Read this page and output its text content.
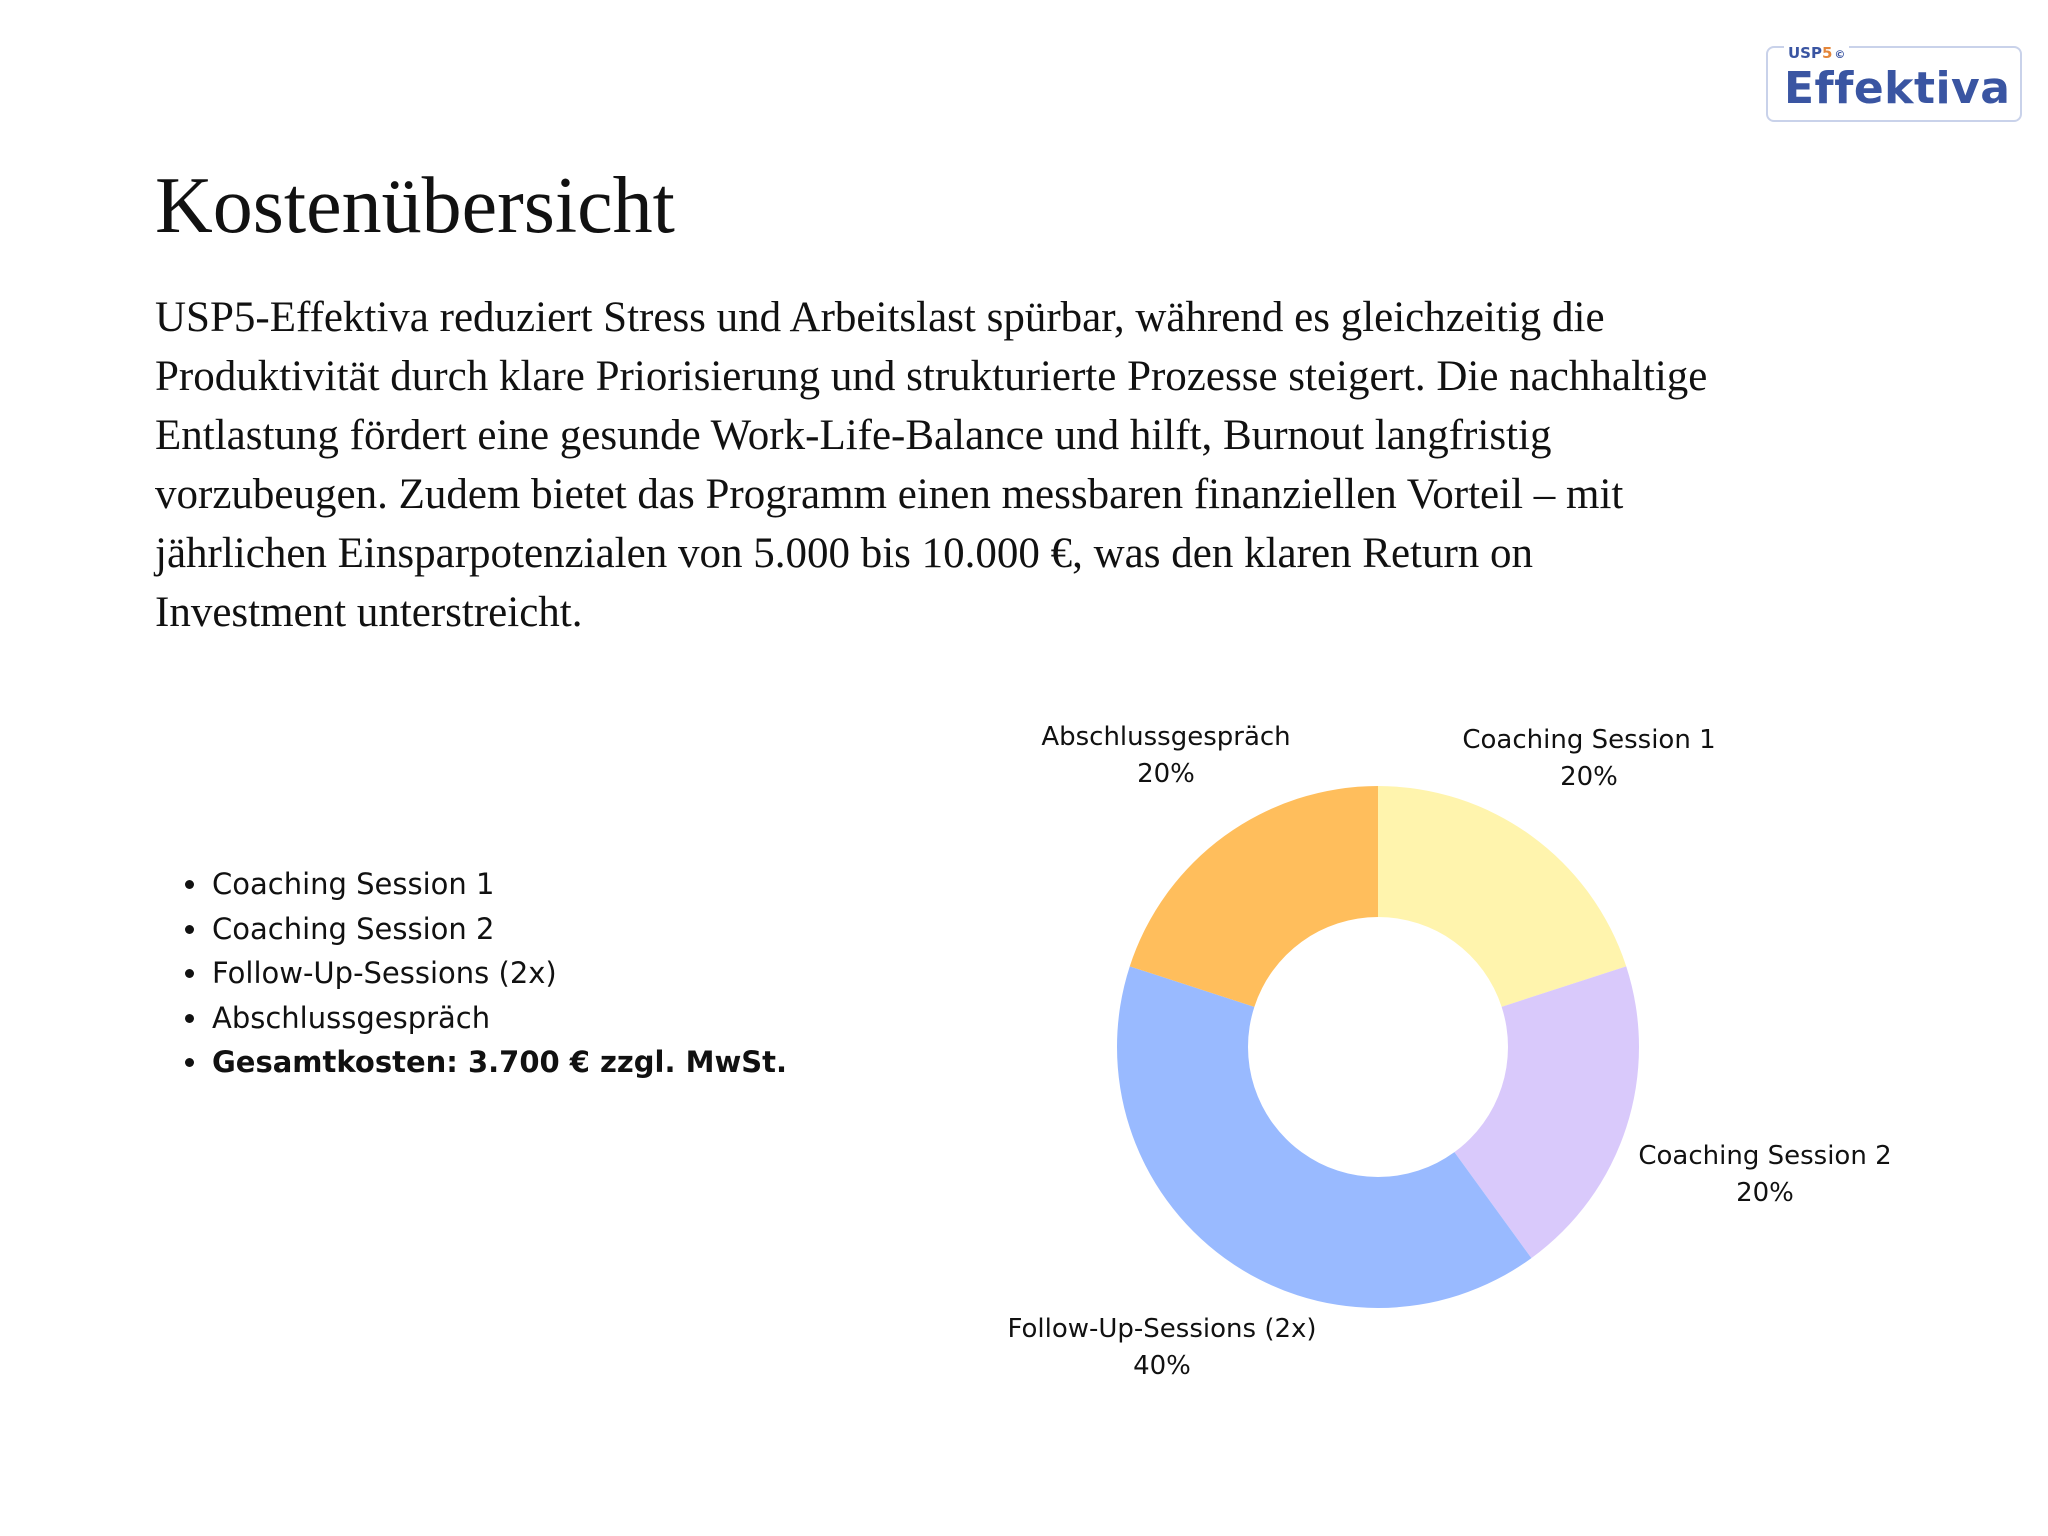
USP5 ©
Effektiva
Kostenübersicht

USP5-Effektiva reduziert Stress und Arbeitslast spürbar, während es gleichzeitig die Produktivität durch klare Priorisierung und strukturierte Prozesse steigert. Die nachhaltige Entlastung fördert eine gesunde Work-Life-Balance und hilft, Burnout langfristig vorzubeugen. Zudem bietet das Programm einen messbaren finanziellen Vorteil – mit jährlichen Einsparpotenzialen von 5.000 bis 10.000 €, was den klaren Return on Investment unterstreicht.

• Coaching Session 1
• Coaching Session 2
• Follow-Up-Sessions (2x)
• Abschlussgespräch
• Gesamtkosten: 3.700 € zzgl. MwSt.
Abschlussgespräch
20%
Coaching Session 1
20%
Coaching Session 2
20%
Follow-Up-Sessions (2x)
40%
